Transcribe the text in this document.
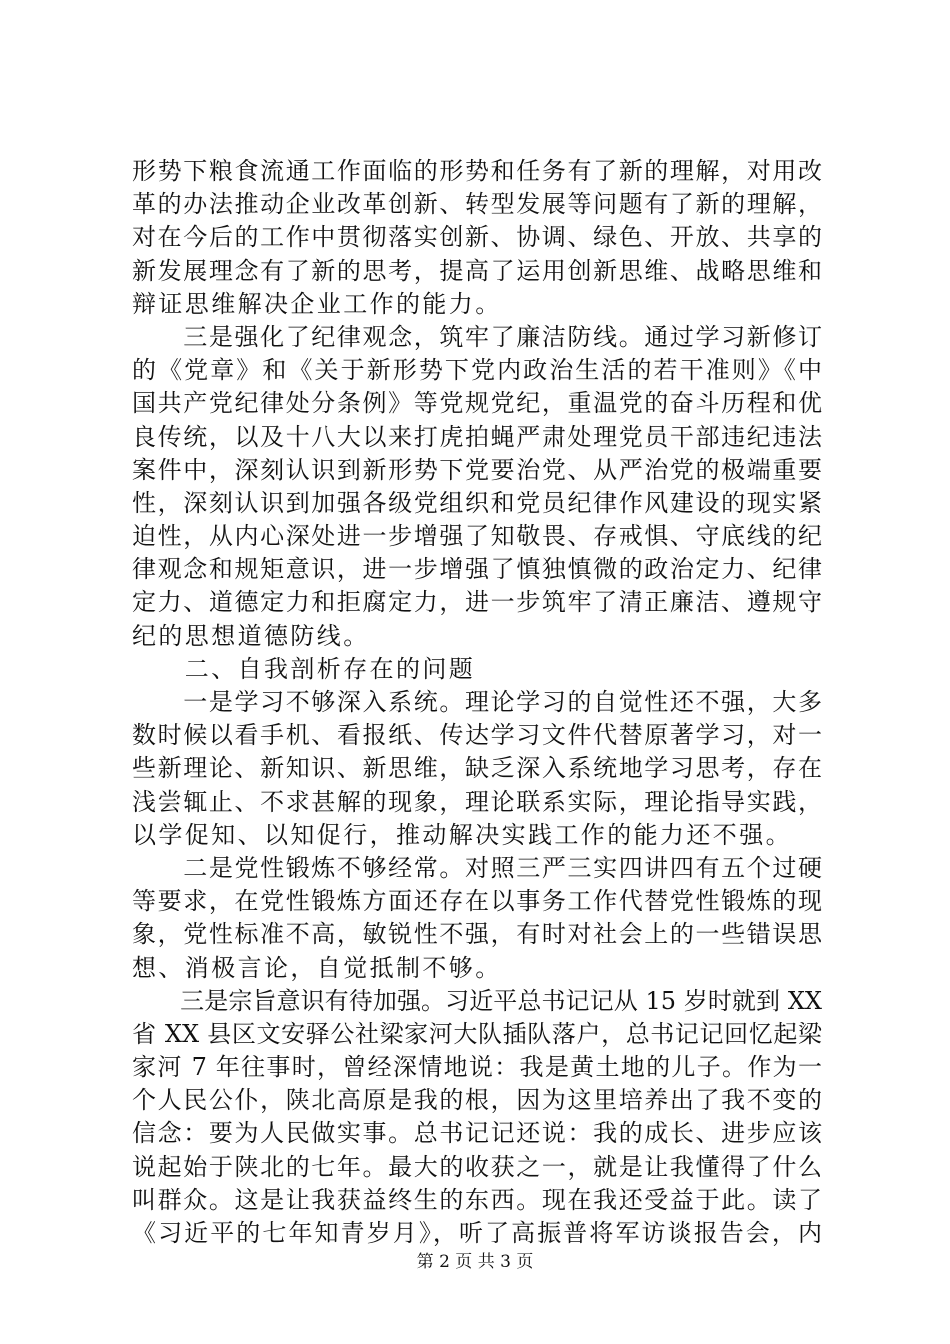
形势下粮食流通工作面临的形势和任务有了新的理解，对用改
革的办法推动企业改革创新、转型发展等问题有了新的理解，
对在今后的工作中贯彻落实创新、协调、绿色、开放、共享的
新发展理念有了新的思考，提高了运用创新思维、战略思维和
辩证思维解决企业工作的能力。
　　三是强化了纪律观念，筑牢了廉洁防线。通过学习新修订
的《党章》和《关于新形势下党内政治生活的若干准则》《中
国共产党纪律处分条例》等党规党纪，重温党的奋斗历程和优
良传统，以及十八大以来打虎拍蝇严肃处理党员干部违纪违法
案件中，深刻认识到新形势下党要治党、从严治党的极端重要
性，深刻认识到加强各级党组织和党员纪律作风建设的现实紧
迫性，从内心深处进一步增强了知敬畏、存戒惧、守底线的纪
律观念和规矩意识，进一步增强了慎独慎微的政治定力、纪律
定力、道德定力和拒腐定力，进一步筑牢了清正廉洁、遵规守
纪的思想道德防线。
　　二、自我剖析存在的问题
　　一是学习不够深入系统。理论学习的自觉性还不强，大多
数时候以看手机、看报纸、传达学习文件代替原著学习，对一
些新理论、新知识、新思维，缺乏深入系统地学习思考，存在
浅尝辄止、不求甚解的现象，理论联系实际，理论指导实践，
以学促知、以知促行，推动解决实践工作的能力还不强。
　　二是党性锻炼不够经常。对照三严三实四讲四有五个过硬
等要求，在党性锻炼方面还存在以事务工作代替党性锻炼的现
象，党性标准不高，敏锐性不强，有时对社会上的一些错误思
想、消极言论，自觉抵制不够。
　　三是宗旨意识有待加强。习近平总书记记从 15 岁时就到 XX
省 XX 县区文安驿公社梁家河大队插队落户，总书记记回忆起梁
家河 7 年往事时，曾经深情地说：我是黄土地的儿子。作为一
个人民公仆，陕北高原是我的根，因为这里培养出了我不变的
信念：要为人民做实事。总书记记还说：我的成长、进步应该
说起始于陕北的七年。最大的收获之一，就是让我懂得了什么
叫群众。这是让我获益终生的东西。现在我还受益于此。读了
《习近平的七年知青岁月》，听了高振普将军访谈报告会，内
第 2 页 共 3 页
